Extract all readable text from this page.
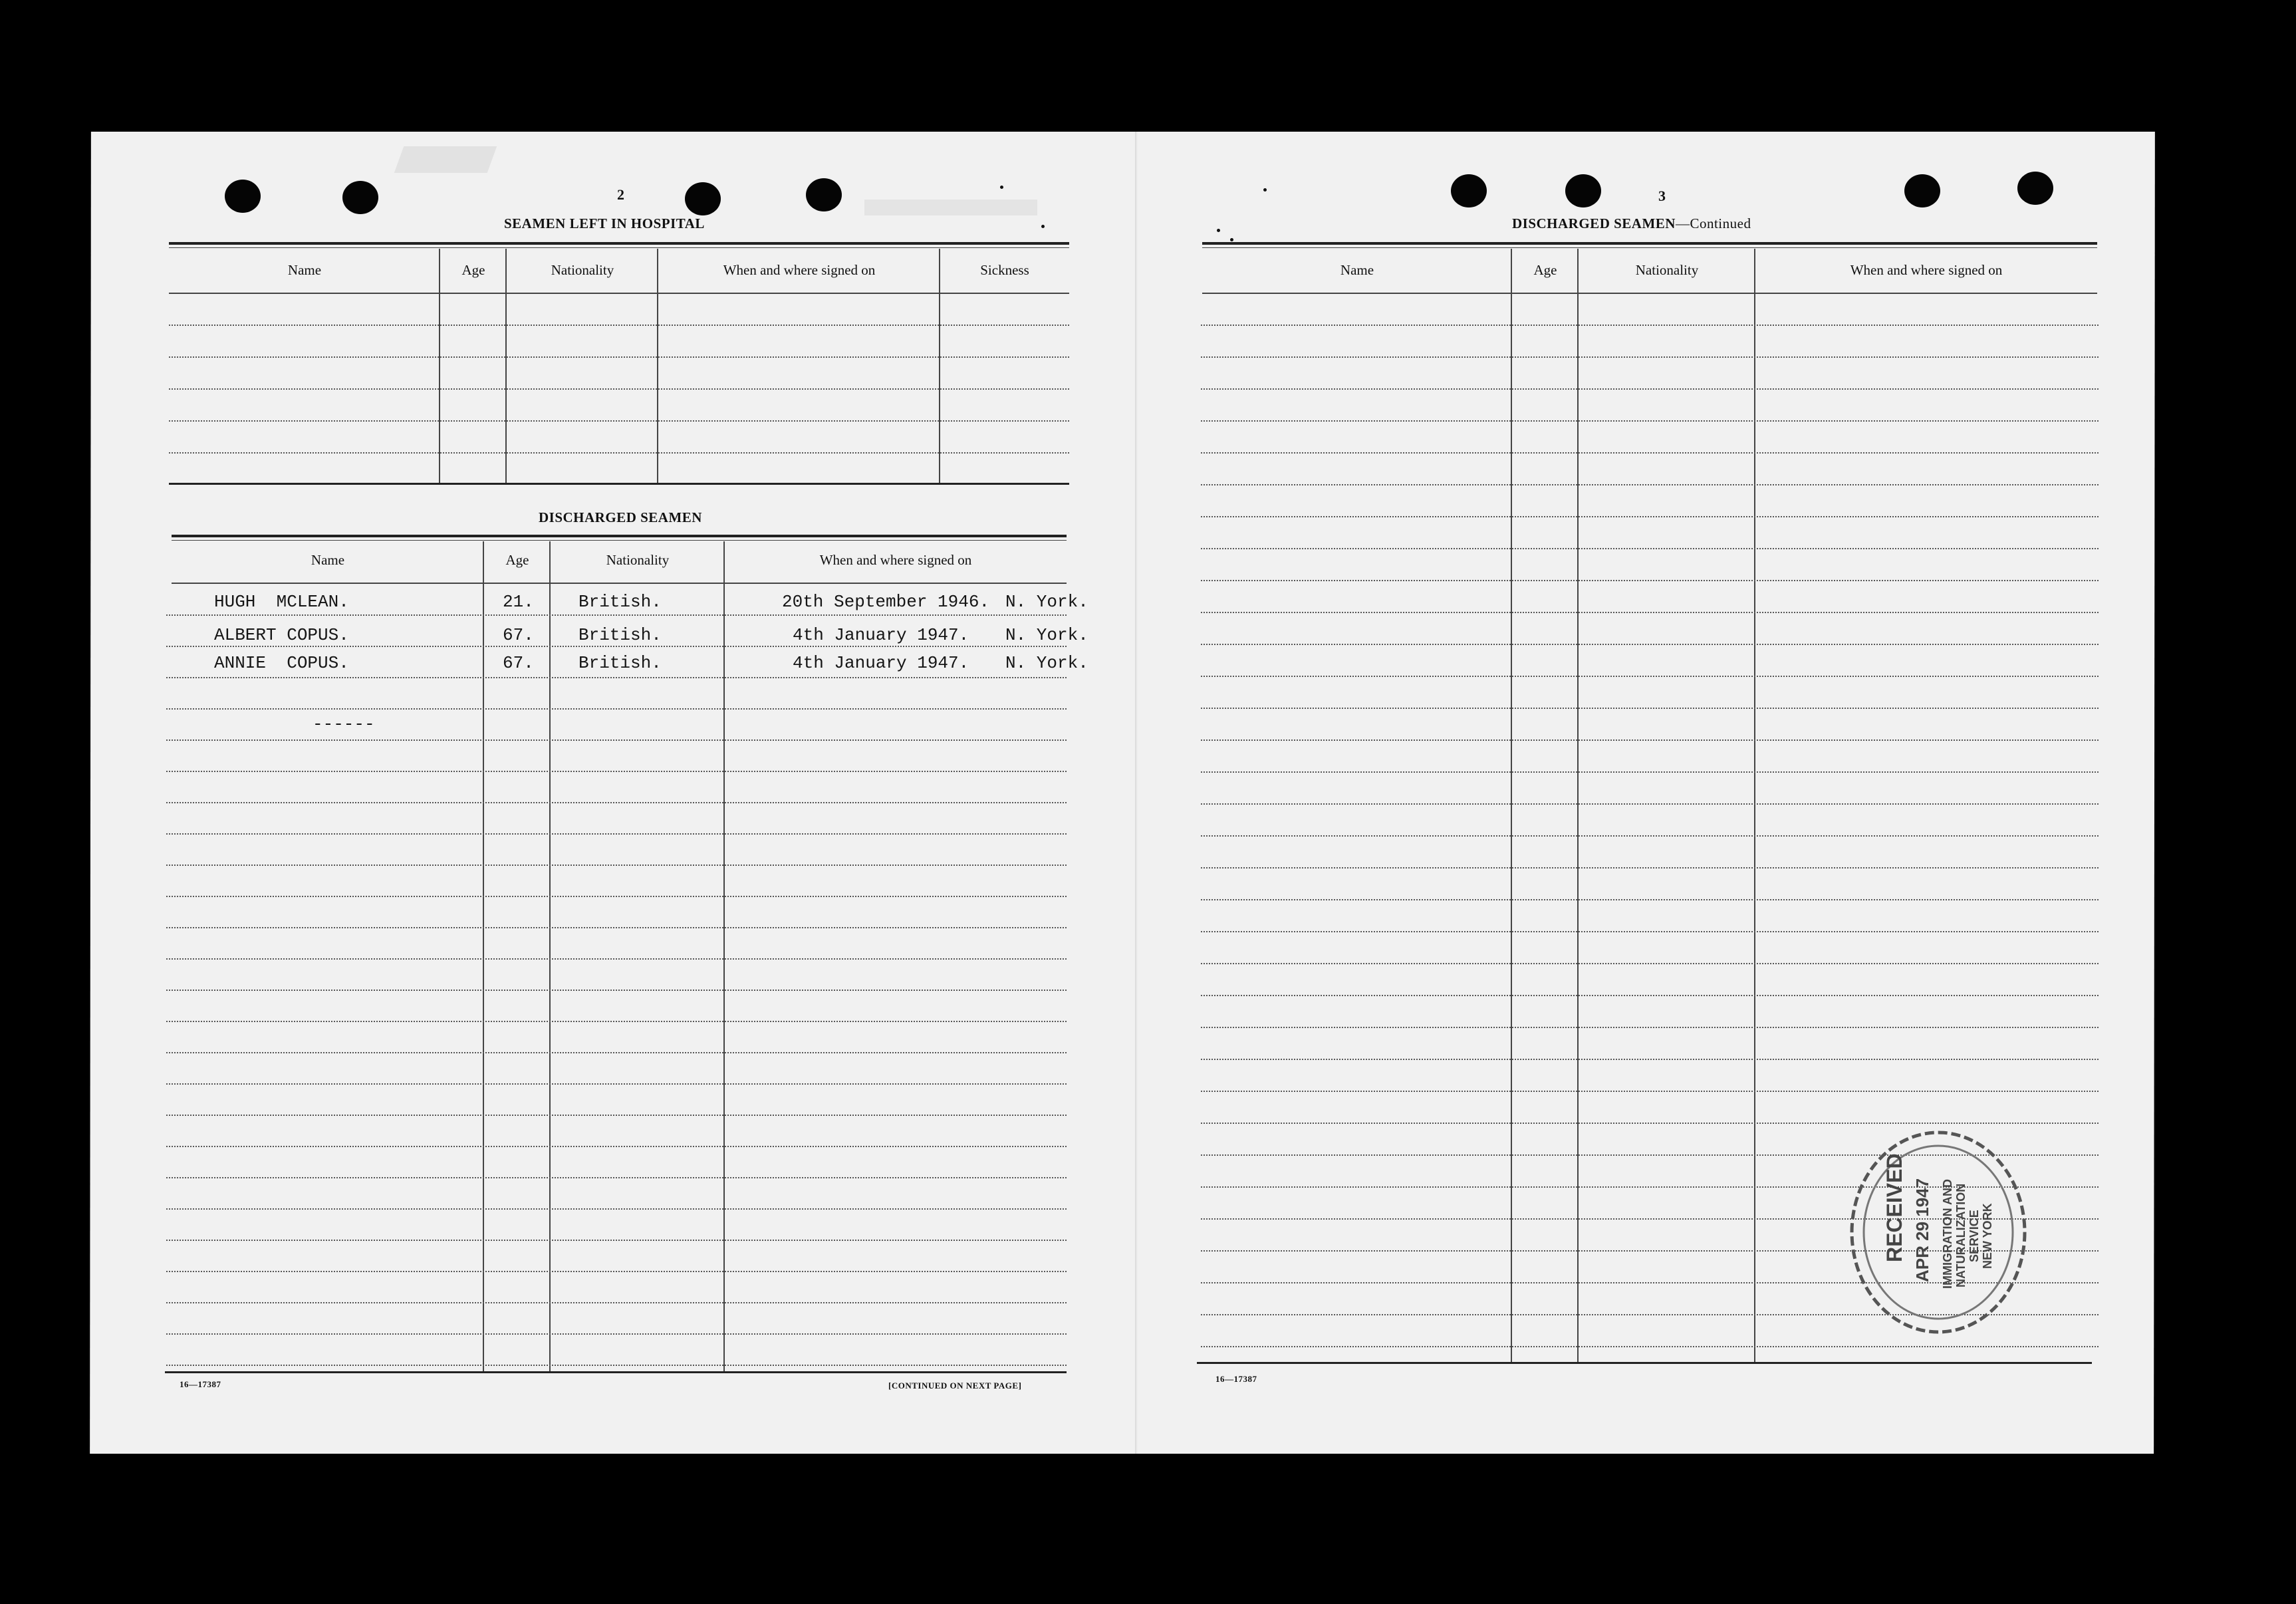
2
SEAMEN LEFT IN HOSPITAL
Name	Age	Nationality	When and where signed on	Sickness
DISCHARGED SEAMEN
Name	Age	Nationality	When and where signed on
HUGH  MCLEAN.	21.	British.	20th September 1946. N. York.
ALBERT COPUS.	67.	British.	4th January 1947. N. York.
ANNIE  COPUS.	67.	British.	4th January 1947. N. York.
------
16—17387	[CONTINUED ON NEXT PAGE]
3
DISCHARGED SEAMEN—Continued
Name	Age	Nationality	When and where signed on
16—17387
RECEIVED APR 29 1947 IMMIGRATION AND NATURALIZATION SERVICE NEW YORK
